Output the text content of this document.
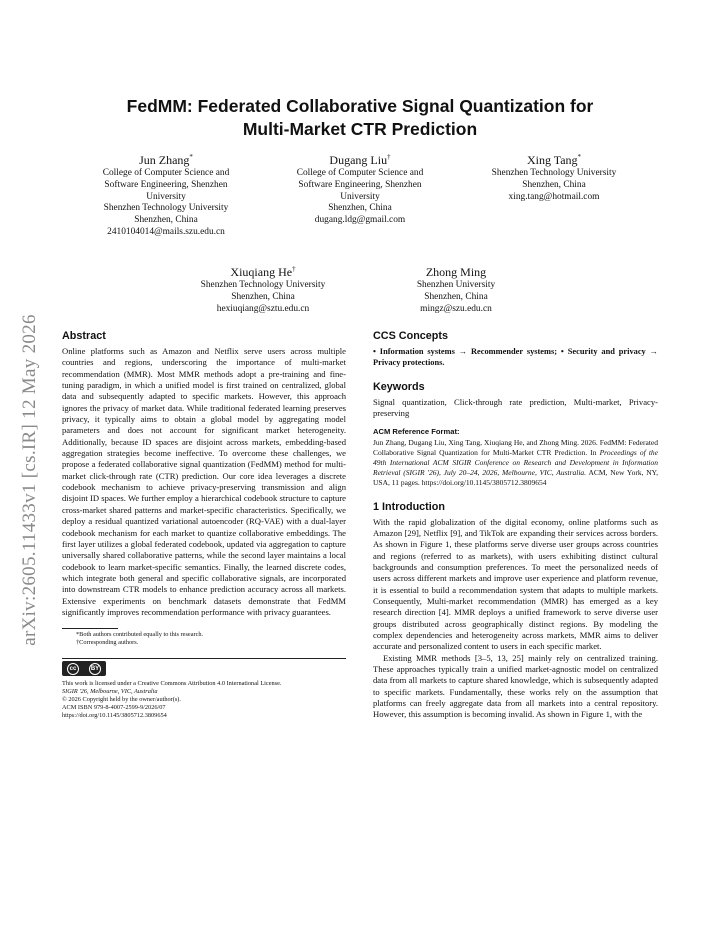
FedMM: Federated Collaborative Signal Quantization for
Multi-Market CTR Prediction
Jun Zhang*
College of Computer Science and
Software Engineering, Shenzhen
University
Shenzhen Technology University
Shenzhen, China
2410104014@mails.szu.edu.cn
Dugang Liu†
College of Computer Science and
Software Engineering, Shenzhen
University
Shenzhen, China
dugang.ldg@gmail.com
Xing Tang*
Shenzhen Technology University
Shenzhen, China
xing.tang@hotmail.com
Xiuqiang He†
Shenzhen Technology University
Shenzhen, China
hexiuqiang@sztu.edu.cn
Zhong Ming
Shenzhen University
Shenzhen, China
mingz@szu.edu.cn
arXiv:2605.11433v1 [cs.IR] 12 May 2026 Abstract

Online platforms such as Amazon and Netflix serve users across multiple countries and regions, underscoring the importance of multi-market recommendation (MMR). Most MMR methods adopt a pre-training and fine-tuning paradigm, in which a unified model is first trained on centralized, global data and subsequently adapted to specific markets. However, this approach ignores the privacy of market data. While traditional federated learning preserves privacy, it typically aims to obtain a global model by aggregating model parameters and does not account for significant market heterogeneity. Additionally, because ID spaces are disjoint across markets, embedding-based aggregation strategies become ineffective. To overcome these challenges, we propose a federated collaborative signal quantization (FedMM) method for multi-market click-through rate (CTR) prediction. Our core idea leverages a discrete codebook mechanism to achieve privacy-preserving transmission and align disjoint ID spaces. We further employ a hierarchical codebook structure to capture cross-market shared patterns and market-specific characteristics. Specifically, we deploy a residual quantized variational autoencoder (RQ-VAE) with a dual-layer codebook mechanism for each market to quantize collaborative embeddings. The first layer utilizes a global federated codebook, updated via aggregation to capture universally shared collaborative patterns, while the second layer maintains a local codebook to learn market-specific semantics. Finally, the learned discrete codes, which integrate both general and specific collaborative signals, are incorporated into downstream CTR models to enhance prediction accuracy across all markets. Extensive experiments on benchmark datasets demonstrate that FedMM significantly improves recommendation performance with privacy guarantees.

*Both authors contributed equally to this research.
†Corresponding authors.
cc	BY
This work is licensed under a Creative Commons Attribution 4.0 International License.
SIGIR '26, Melbourne, VIC, Australia
© 2026 Copyright held by the owner/author(s).
ACM ISBN 979-8-4007-2599-9/2026/07
https://doi.org/10.1145/3805712.3809654
CCS Concepts

• Information systems → Recommender systems; • Security and privacy → Privacy protections.

Keywords

Signal quantization, Click-through rate prediction, Multi-market, Privacy-preserving

ACM Reference Format:

Jun Zhang, Dugang Liu, Xing Tang, Xiuqiang He, and Zhong Ming. 2026. FedMM: Federated Collaborative Signal Quantization for Multi-Market CTR Prediction. In Proceedings of the 49th International ACM SIGIR Conference on Research and Development in Information Retrieval (SIGIR '26), July 20–24, 2026, Melbourne, VIC, Australia. ACM, New York, NY, USA, 11 pages. https://doi.org/10.1145/3805712.3809654

1 Introduction

With the rapid globalization of the digital economy, online platforms such as Amazon [29], Netflix [9], and TikTok are expanding their services across borders. As shown in Figure 1, these platforms serve diverse user groups across countries and regions (referred to as markets), with users exhibiting distinct cultural backgrounds and consumption preferences. To meet the personalized needs of users across different markets and improve user experience and platform revenue, it is essential to build a recommendation system that adapts to multiple markets. Consequently, Multi-market recommendation (MMR) has emerged as a key research direction [4]. MMR deploys a unified framework to serve diverse user groups distributed across geographically distinct regions. By modeling the complex dependencies and heterogeneity across markets, MMR aims to deliver accurate and personalized content to users in each specific market.

Existing MMR methods [3–5, 13, 25] mainly rely on centralized training. These approaches typically train a unified market-agnostic model on centralized data from all markets to capture shared knowledge, which is subsequently adapted to specific markets. Fundamentally, these works rely on the assumption that platforms can freely aggregate data from all markets into a central repository. However, this assumption is becoming invalid. As shown in Figure 1, with the
